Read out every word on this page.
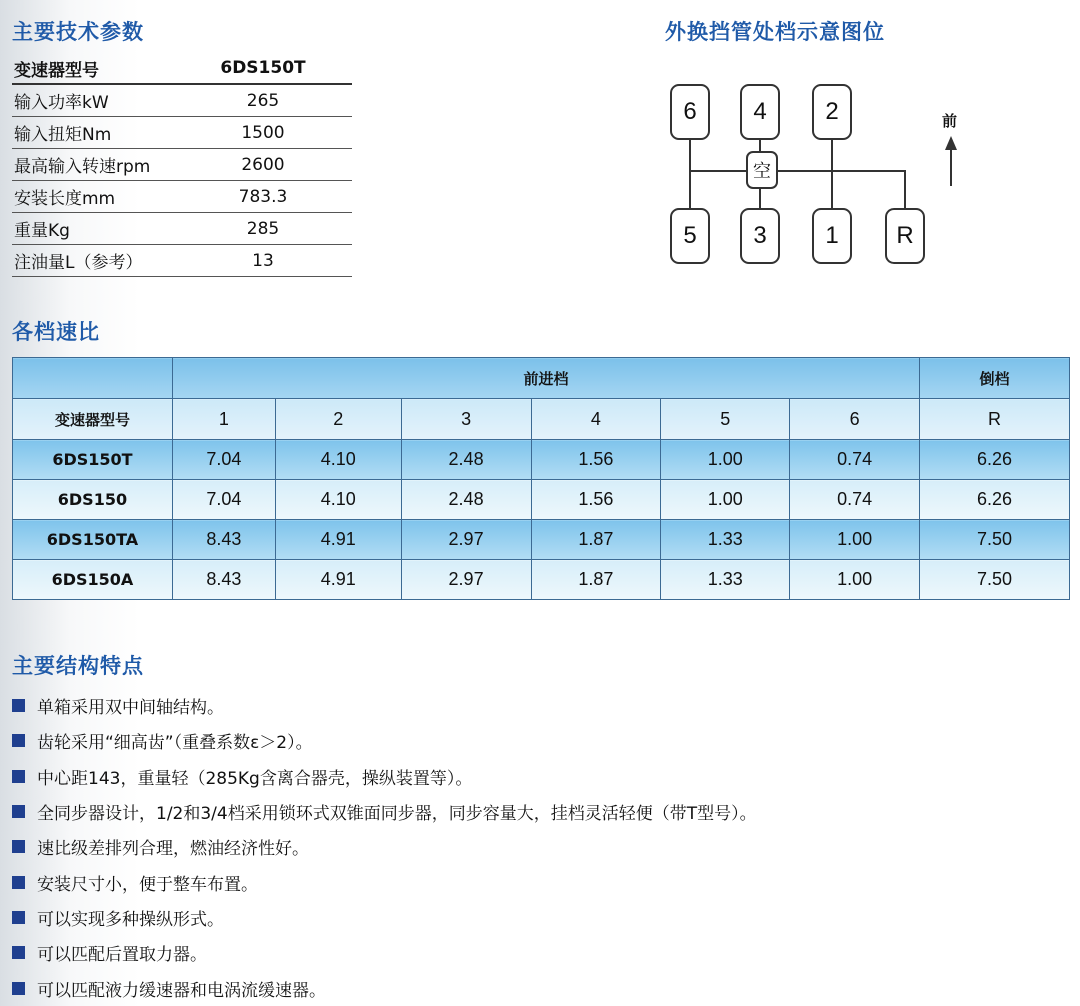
主要技术参数
变速器型号	6DS150T
输入功率kW	265
输入扭矩Nm	1500
最高输入转速rpm	2600
安装长度mm	783.3
重量Kg	285
注油量L（参考）	13
外换挡管处档示意图位
6	4	2
5	3	1	R
空
前
各档速比
	前进档						倒档
变速器型号	1	2	3	4	5	6	R
6DS150T	7.04	4.10	2.48	1.56	1.00	0.74	6.26
6DS150	7.04	4.10	2.48	1.56	1.00	0.74	6.26
6DS150TA	8.43	4.91	2.97	1.87	1.33	1.00	7.50
6DS150A	8.43	4.91	2.97	1.87	1.33	1.00	7.50
主要结构特点
单箱采用双中间轴结构。
齿轮采用“细高齿”（重叠系数ε＞2）。
中心距143，重量轻（285Kg含离合器壳，操纵装置等）。
全同步器设计，1/2和3/4档采用锁环式双锥面同步器，同步容量大，挂档灵活轻便（带T型号）。
速比级差排列合理，燃油经济性好。
安装尺寸小，便于整车布置。
可以实现多种操纵形式。
可以匹配后置取力器。
可以匹配液力缓速器和电涡流缓速器。
